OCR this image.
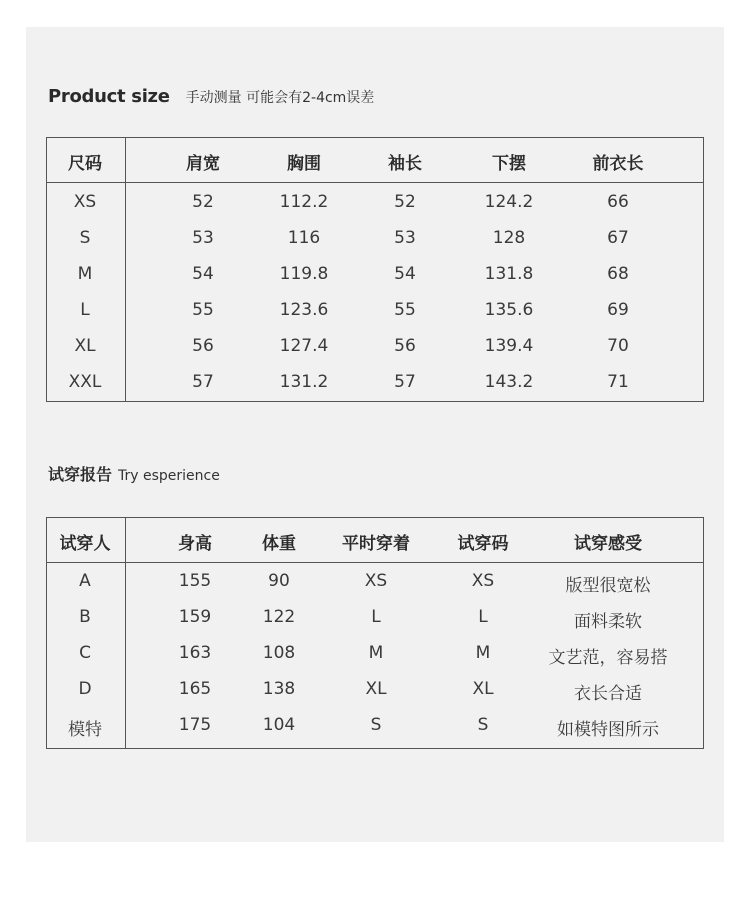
Product size 手动测量 可能会有2-4cm误差
尺码	肩宽	胸围	袖长	下摆	前衣长
XS	52	112.2	52	124.2	66
S	53	116	53	128	67
M	54	119.8	54	131.8	68
L	55	123.6	55	135.6	69
XL	56	127.4	56	139.4	70
XXL	57	131.2	57	143.2	71
试穿报告 Try esperience
试穿人	身高	体重	平时穿着	试穿码	试穿感受
A	155	90	XS	XS	版型很宽松
B	159	122	L	L	面料柔软
C	163	108	M	M	文艺范，容易搭
D	165	138	XL	XL	衣长合适
模特	175	104	S	S	如模特图所示
